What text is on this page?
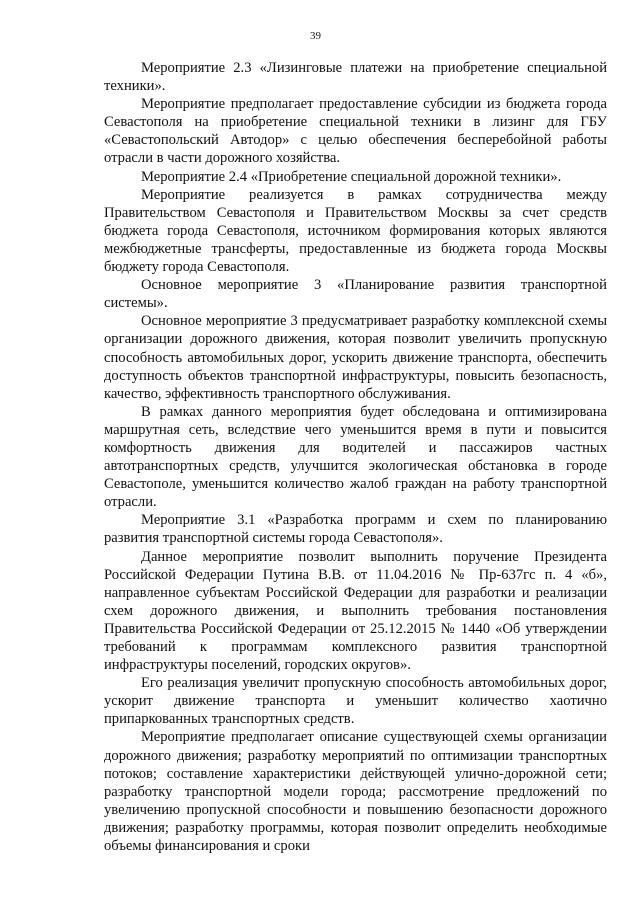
39

Мероприятие 2.3 «Лизинговые платежи на приобретение специальной техники».

Мероприятие предполагает предоставление субсидии из бюджета города Севастополя на приобретение специальной техники в лизинг для ГБУ «Севастопольский Автодор» с целью обеспечения бесперебойной работы отрасли в части дорожного хозяйства.

Мероприятие 2.4 «Приобретение специальной дорожной техники».

Мероприятие реализуется в рамках сотрудничества между Правительством Севастополя и Правительством Москвы за счет средств бюджета города Севастополя, источником формирования которых являются межбюджетные трансферты, предоставленные из бюджета города Москвы бюджету города Севастополя.

Основное мероприятие 3 «Планирование развития транспортной системы».

Основное мероприятие 3 предусматривает разработку комплексной схемы организации дорожного движения, которая позволит увеличить пропускную способность автомобильных дорог, ускорить движение транспорта, обеспечить доступность объектов транспортной инфраструктуры, повысить безопасность, качество, эффективность транспортного обслуживания.

В рамках данного мероприятия будет обследована и оптимизирована маршрутная сеть, вследствие чего уменьшится время в пути и повысится комфортность движения для водителей и пассажиров частных автотранспортных средств, улучшится экологическая обстановка в городе Севастополе, уменьшится количество жалоб граждан на работу транспортной отрасли.

Мероприятие 3.1 «Разработка программ и схем по планированию развития транспортной системы города Севастополя».

Данное мероприятие позволит выполнить поручение Президента Российской Федерации Путина В.В. от 11.04.2016 № Пр-637гс п. 4 «б», направленное субъектам Российской Федерации для разработки и реализации схем дорожного движения, и выполнить требования постановления Правительства Российской Федерации от 25.12.2015 № 1440 «Об утверждении требований к программам комплексного развития транспортной инфраструктуры поселений, городских округов».

Его реализация увеличит пропускную способность автомобильных дорог, ускорит движение транспорта и уменьшит количество хаотично припаркованных транспортных средств.

Мероприятие предполагает описание существующей схемы организации дорожного движения; разработку мероприятий по оптимизации транспортных потоков; составление характеристики действующей улично-дорожной сети; разработку транспортной модели города; рассмотрение предложений по увеличению пропускной способности и повышению безопасности дорожного движения; разработку программы, которая позволит определить необходимые объемы финансирования и сроки
